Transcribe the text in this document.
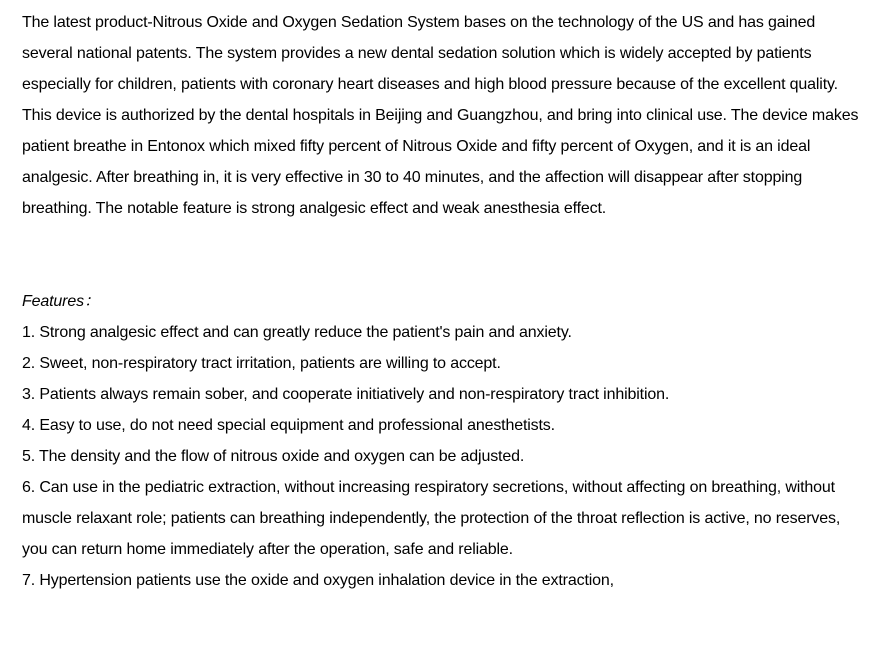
The latest product-Nitrous Oxide and Oxygen Sedation System bases on the technology of the US and has gained several national patents. The system provides a new dental sedation solution which is widely accepted by patients especially for children, patients with coronary heart diseases and high blood pressure because of the excellent quality. This device is authorized by the dental hospitals in Beijing and Guangzhou, and bring into clinical use. The device makes patient breathe in Entonox which mixed fifty percent of Nitrous Oxide and fifty percent of Oxygen, and it is an ideal analgesic. After breathing in, it is very effective in 30 to 40 minutes, and the affection will disappear after stopping breathing. The notable feature is strong analgesic effect and weak anesthesia effect.

Features：

1. Strong analgesic effect and can greatly reduce the patient's pain and anxiety.
2. Sweet, non-respiratory tract irritation, patients are willing to accept.
3. Patients always remain sober, and cooperate initiatively and non-respiratory tract inhibition.
4. Easy to use, do not need special equipment and professional anesthetists.
5. The density and the flow of nitrous oxide and oxygen can be adjusted.
6. Can use in the pediatric extraction, without increasing respiratory secretions, without affecting on breathing, without muscle relaxant role; patients can breathing independently, the protection of the throat reflection is active, no reserves, you can return home immediately after the operation, safe and reliable.
7. Hypertension patients use the oxide and oxygen inhalation device in the extraction,
